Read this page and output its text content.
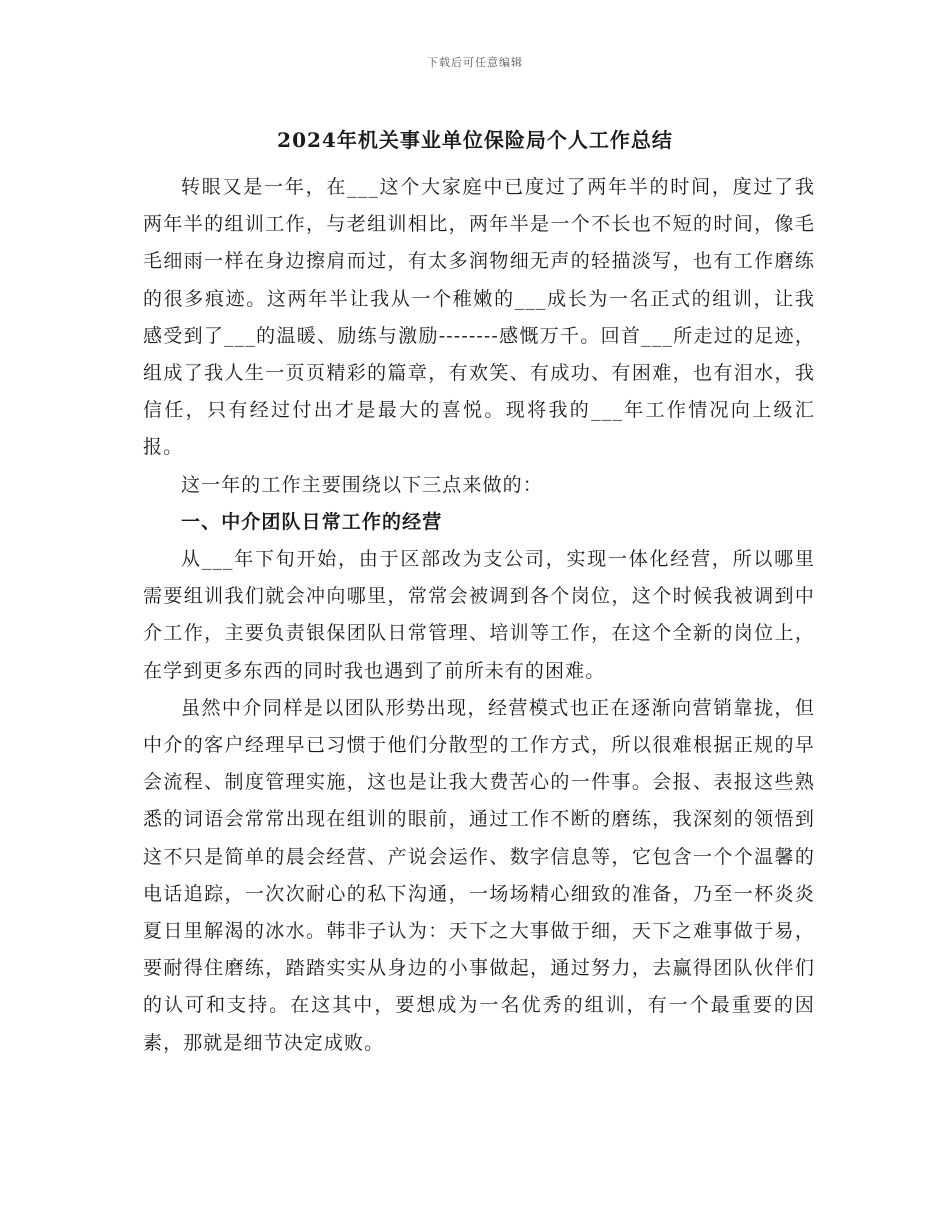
下载后可任意编辑
2024年机关事业单位保险局个人工作总结

转眼又是一年，在___这个大家庭中已度过了两年半的时间，度过了我两年半的组训工作，与老组训相比，两年半是一个不长也不短的时间，像毛毛细雨一样在身边擦肩而过，有太多润物细无声的轻描淡写，也有工作磨练的很多痕迹。这两年半让我从一个稚嫩的___成长为一名正式的组训，让我感受到了___的温暖、励练与激励--------感慨万千。回首___所走过的足迹，组成了我人生一页页精彩的篇章，有欢笑、有成功、有困难，也有泪水，我信任，只有经过付出才是最大的喜悦。现将我的___年工作情况向上级汇报。

这一年的工作主要围绕以下三点来做的：

一、中介团队日常工作的经营

从___年下旬开始，由于区部改为支公司，实现一体化经营，所以哪里需要组训我们就会冲向哪里，常常会被调到各个岗位，这个时候我被调到中介工作，主要负责银保团队日常管理、培训等工作，在这个全新的岗位上，在学到更多东西的同时我也遇到了前所未有的困难。

虽然中介同样是以团队形势出现，经营模式也正在逐渐向营销靠拢，但中介的客户经理早已习惯于他们分散型的工作方式，所以很难根据正规的早会流程、制度管理实施，这也是让我大费苦心的一件事。会报、表报这些熟悉的词语会常常出现在组训的眼前，通过工作不断的磨练，我深刻的领悟到这不只是简单的晨会经营、产说会运作、数字信息等，它包含一个个温馨的电话追踪，一次次耐心的私下沟通，一场场精心细致的准备，乃至一杯炎炎夏日里解渴的冰水。韩非子认为：天下之大事做于细，天下之难事做于易，要耐得住磨练，踏踏实实从身边的小事做起，通过努力，去赢得团队伙伴们的认可和支持。在这其中，要想成为一名优秀的组训，有一个最重要的因素，那就是细节决定成败。
